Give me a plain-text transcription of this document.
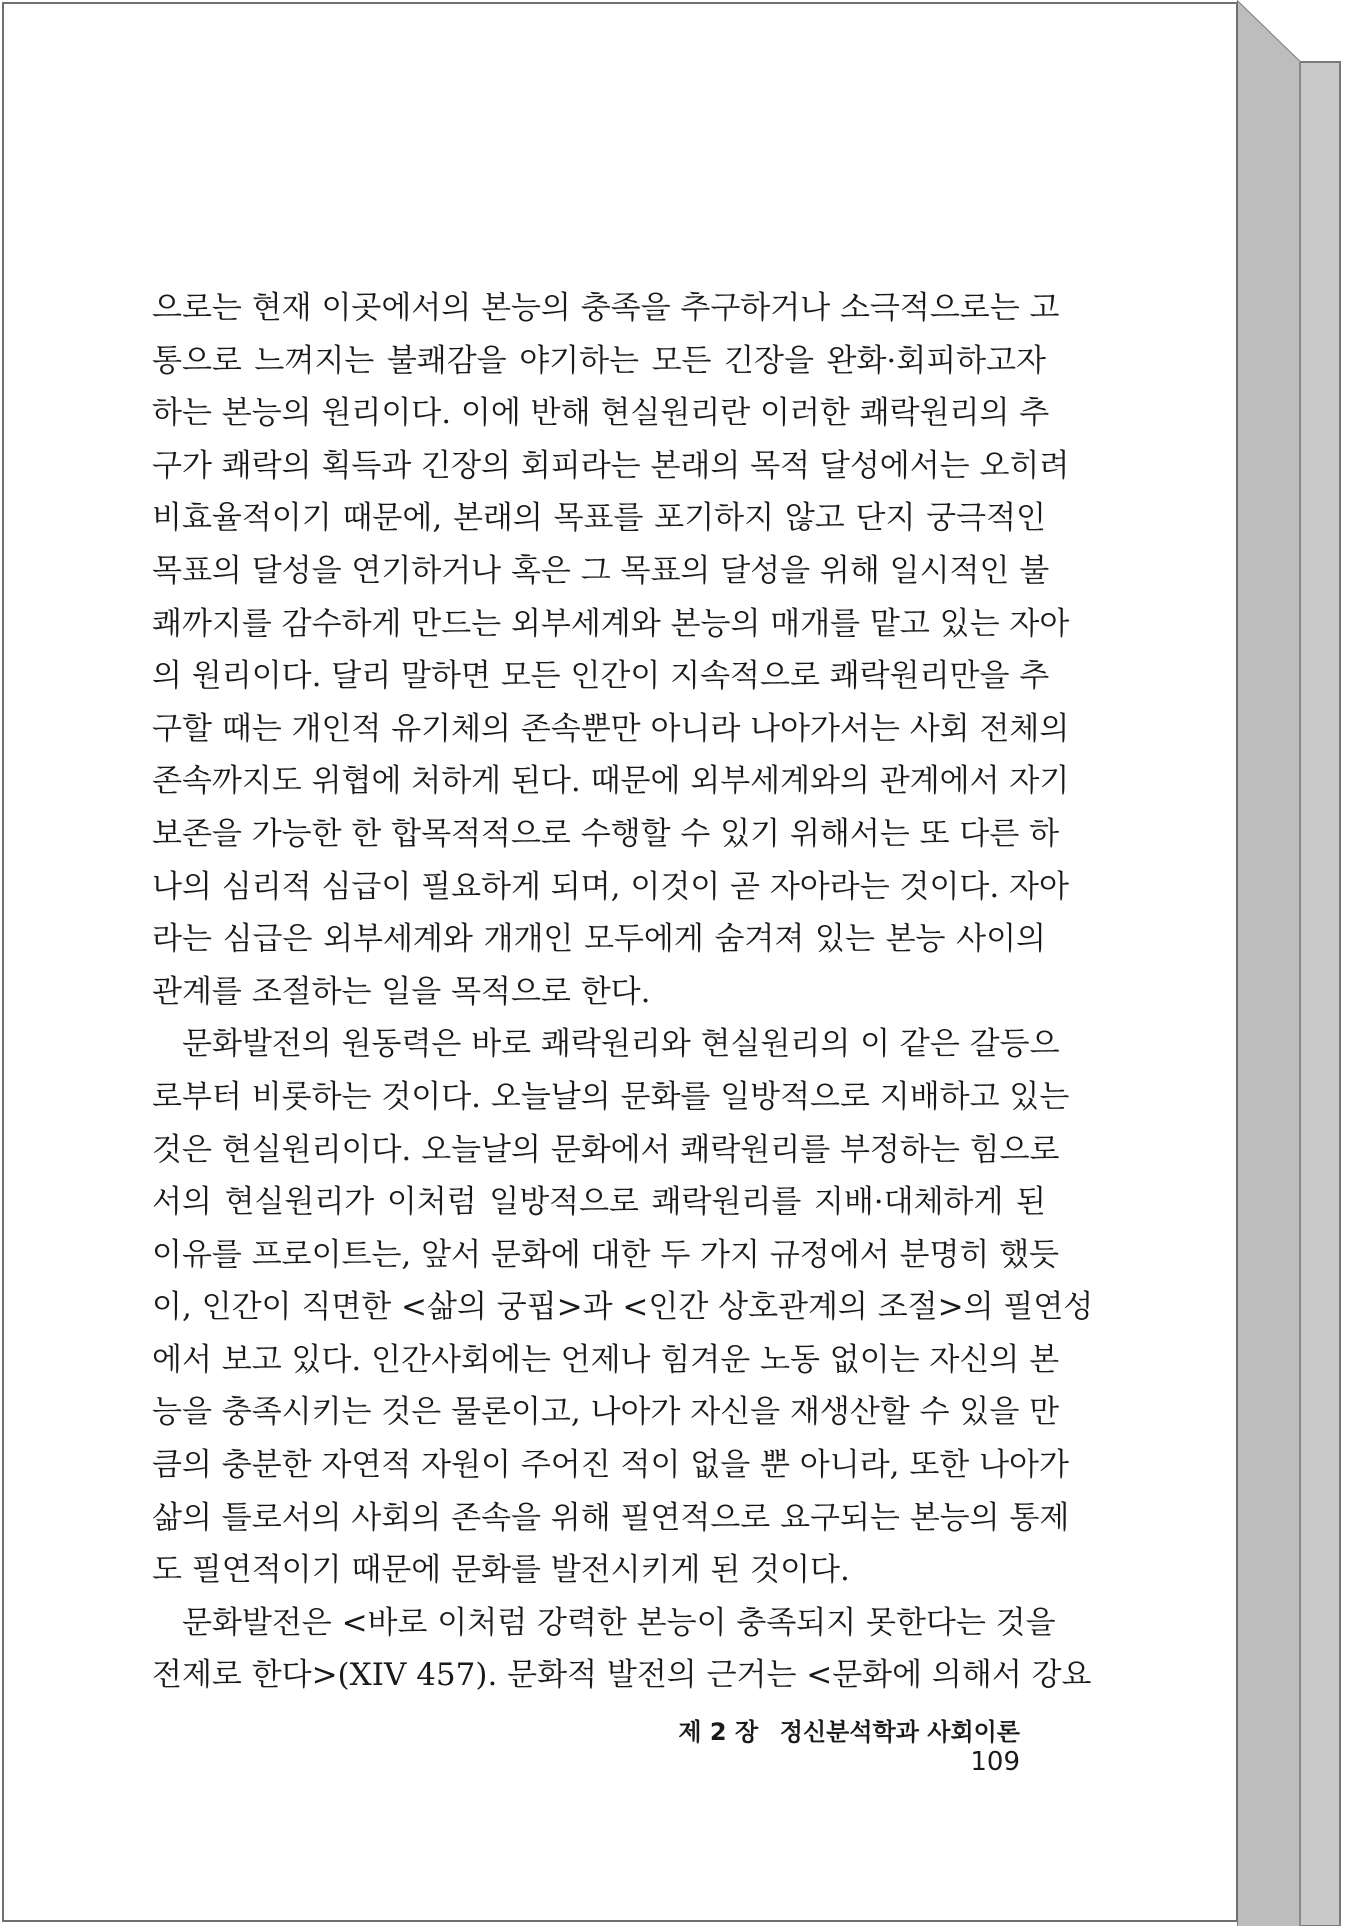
으로는 현재 이곳에서의 본능의 충족을 추구하거나 소극적으로는 고
통으로 느껴지는 불쾌감을 야기하는 모든 긴장을 완화·회피하고자
하는 본능의 원리이다. 이에 반해 현실원리란 이러한 쾌락원리의 추
구가 쾌락의 획득과 긴장의 회피라는 본래의 목적 달성에서는 오히려
비효율적이기 때문에, 본래의 목표를 포기하지 않고 단지 궁극적인
목표의 달성을 연기하거나 혹은 그 목표의 달성을 위해 일시적인 불
쾌까지를 감수하게 만드는 외부세계와 본능의 매개를 맡고 있는 자아
의 원리이다. 달리 말하면 모든 인간이 지속적으로 쾌락원리만을 추
구할 때는 개인적 유기체의 존속뿐만 아니라 나아가서는 사회 전체의
존속까지도 위협에 처하게 된다. 때문에 외부세계와의 관계에서 자기
보존을 가능한 한 합목적적으로 수행할 수 있기 위해서는 또 다른 하
나의 심리적 심급이 필요하게 되며, 이것이 곧 자아라는 것이다. 자아
라는 심급은 외부세계와 개개인 모두에게 숨겨져 있는 본능 사이의
관계를 조절하는 일을 목적으로 한다.
문화발전의 원동력은 바로 쾌락원리와 현실원리의 이 같은 갈등으
로부터 비롯하는 것이다. 오늘날의 문화를 일방적으로 지배하고 있는
것은 현실원리이다. 오늘날의 문화에서 쾌락원리를 부정하는 힘으로
서의 현실원리가 이처럼 일방적으로 쾌락원리를 지배·대체하게 된
이유를 프로이트는, 앞서 문화에 대한 두 가지 규정에서 분명히 했듯
이, 인간이 직면한 <삶의 궁핍>과 <인간 상호관계의 조절>의 필연성
에서 보고 있다. 인간사회에는 언제나 힘겨운 노동 없이는 자신의 본
능을 충족시키는 것은 물론이고, 나아가 자신을 재생산할 수 있을 만
큼의 충분한 자연적 자원이 주어진 적이 없을 뿐 아니라, 또한 나아가
삶의 틀로서의 사회의 존속을 위해 필연적으로 요구되는 본능의 통제
도 필연적이기 때문에 문화를 발전시키게 된 것이다.
문화발전은 <바로 이처럼 강력한 본능이 충족되지 못한다는 것을
전제로 한다>(XIV 457). 문화적 발전의 근거는 <문화에 의해서 강요
제 2 장 정신분석학과 사회이론 109
